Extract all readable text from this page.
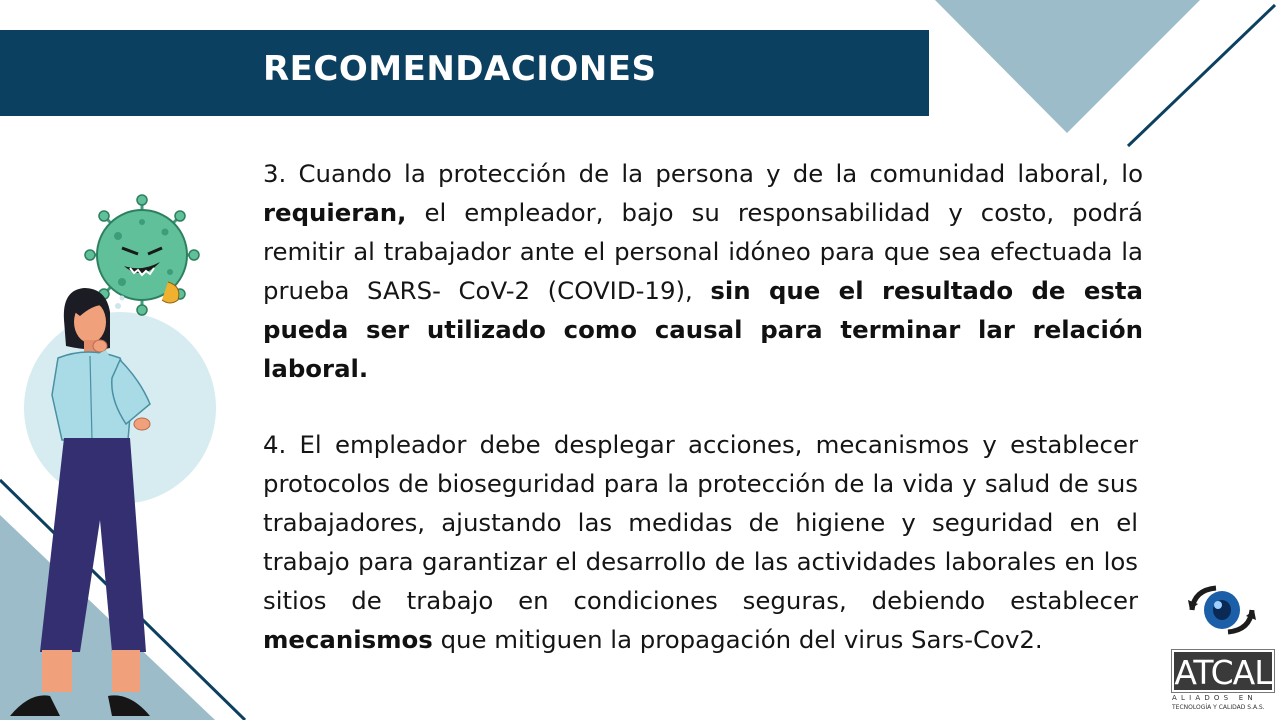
RECOMENDACIONES

3. Cuando la protección de la persona y de la comunidad laboral, lo requieran, el empleador, bajo su responsabilidad y costo, podrá remitir al trabajador ante el personal idóneo para que sea efectuada la prueba SARS- CoV-2 (COVID-19), sin que el resultado de esta pueda ser utilizado como causal para terminar lar relación laboral.

4. El empleador debe desplegar acciones, mecanismos y establecer protocolos de bioseguridad para la protección de la vida y salud de sus trabajadores, ajustando las medidas de higiene y seguridad en el trabajo para garantizar el desarrollo de las actividades laborales en los sitios de trabajo en condiciones seguras, debiendo establecer mecanismos que mitiguen la propagación del virus Sars-Cov2.

ATCAL
ALIADOS EN
TECNOLOGÍA Y CALIDAD S.A.S.
